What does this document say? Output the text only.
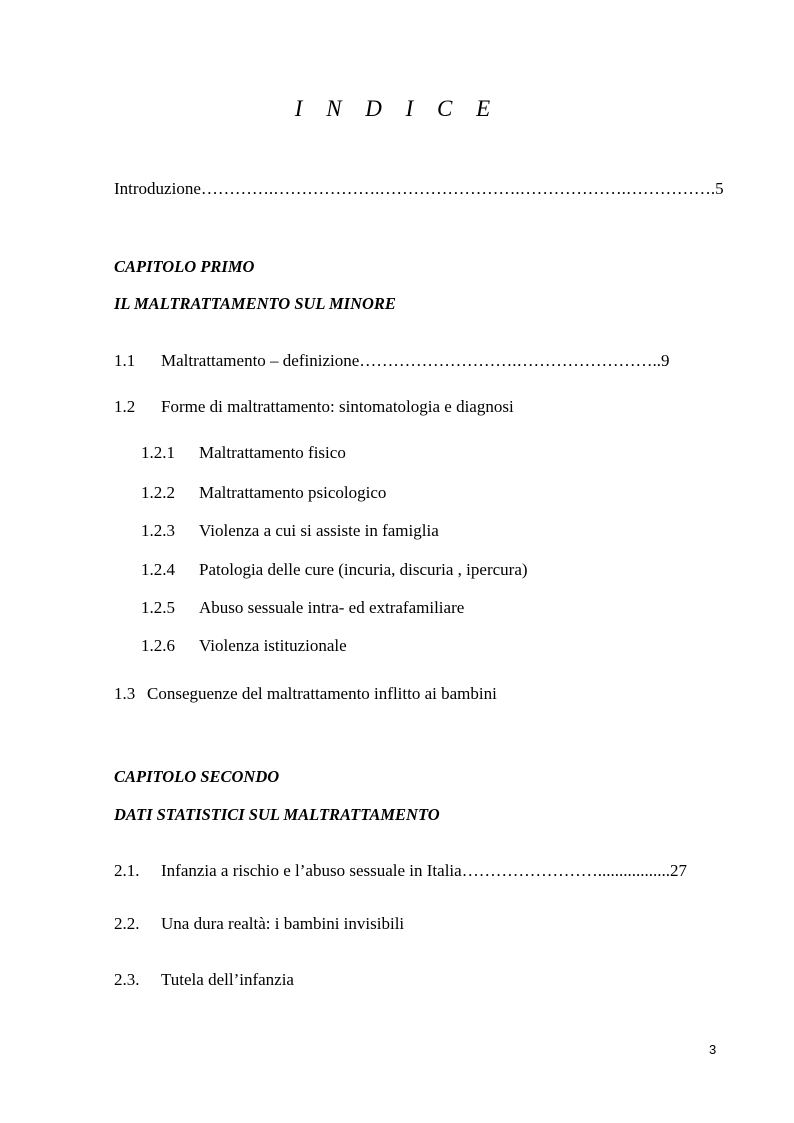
I N D I C E
Introduzione………….……………….…………………….……………….…………….5
CAPITOLO PRIMO
IL MALTRATTAMENTO SUL MINORE
1.1 Maltrattamento – definizione……………………….……………………..9
1.2 Forme di maltrattamento: sintomatologia e diagnosi
1.2.1 Maltrattamento fisico
1.2.2 Maltrattamento psicologico
1.2.3 Violenza a cui si assiste in famiglia
1.2.4 Patologia delle cure (incuria, discuria , ipercura)
1.2.5 Abuso sessuale intra- ed extrafamiliare
1.2.6 Violenza istituzionale
1.3 Conseguenze del maltrattamento inflitto ai bambini
CAPITOLO SECONDO
DATI STATISTICI SUL MALTRATTAMENTO
2.1. Infanzia a rischio e l’abuso sessuale in Italia…………………….................27
2.2. Una dura realtà: i bambini invisibili
2.3. Tutela dell’infanzia
3
